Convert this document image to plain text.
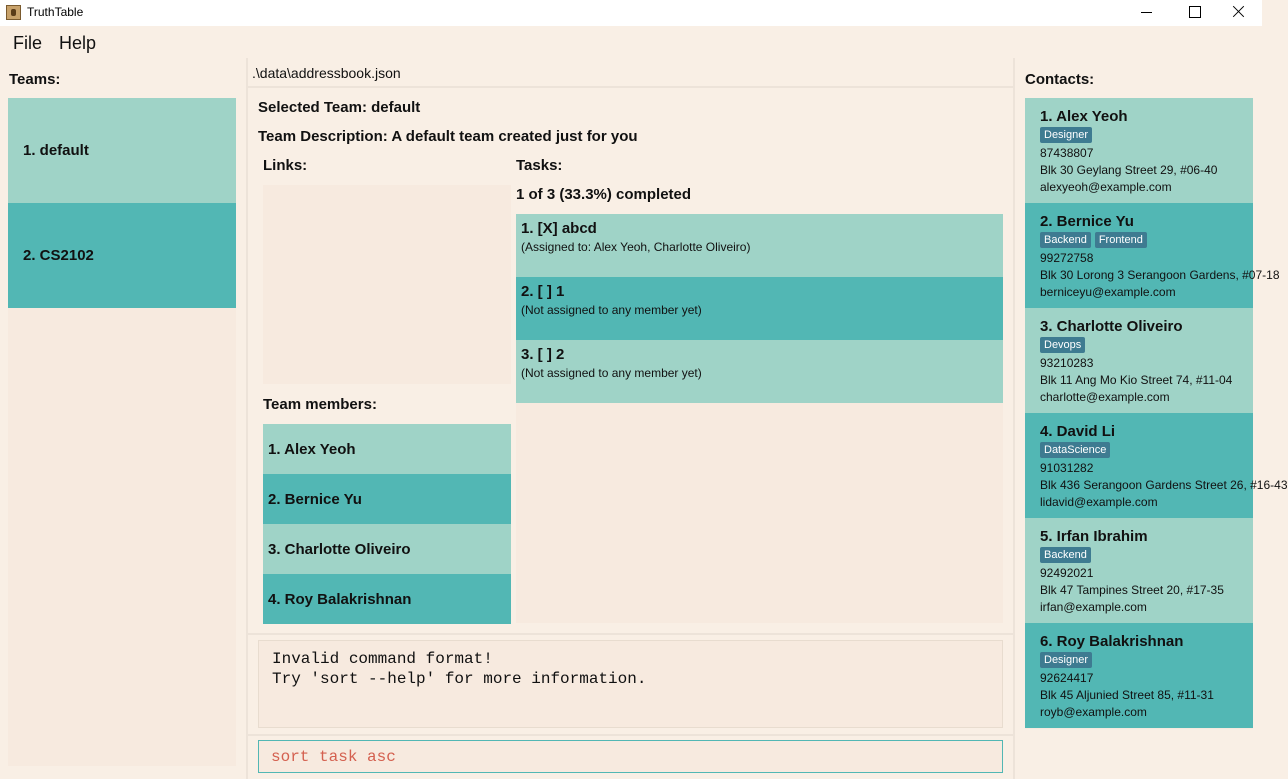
TruthTable
File Help
Teams:
1. default
2. CS2102
.\data\addressbook.json
Selected Team: default
Team Description: A default team created just for you
Links:
Team members:
1. Alex Yeoh
2. Bernice Yu
3. Charlotte Oliveiro
4. Roy Balakrishnan
Tasks:
1 of 3 (33.3%) completed
1. [X] abcd
(Assigned to: Alex Yeoh, Charlotte Oliveiro)
2. [ ] 1
(Not assigned to any member yet)
3. [ ] 2
(Not assigned to any member yet)
Invalid command format!
Try 'sort --help' for more information.
sort task asc
Contacts:
1. Alex Yeoh
Designer
87438807
Blk 30 Geylang Street 29, #06-40
alexyeoh@example.com
2. Bernice Yu
Backend	Frontend
99272758
Blk 30 Lorong 3 Serangoon Gardens, #07-18
berniceyu@example.com
3. Charlotte Oliveiro
Devops
93210283
Blk 11 Ang Mo Kio Street 74, #11-04
charlotte@example.com
4. David Li
DataScience
91031282
Blk 436 Serangoon Gardens Street 26, #16-43
lidavid@example.com
5. Irfan Ibrahim
Backend
92492021
Blk 47 Tampines Street 20, #17-35
irfan@example.com
6. Roy Balakrishnan
Designer
92624417
Blk 45 Aljunied Street 85, #11-31
royb@example.com
